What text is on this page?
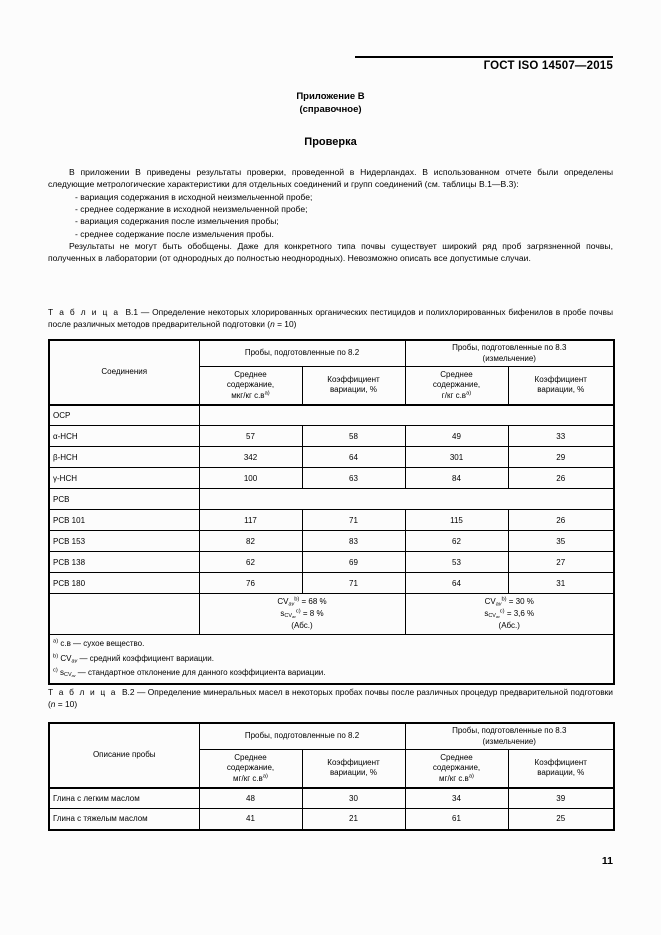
ГОСТ ISO 14507—2015
Приложение В
(справочное)
Проверка

В приложении В приведены результаты проверки, проведенной в Нидерландах. В использованном отчете были определены следующие метрологические характеристики для отдельных соединений и групп соединений (см. таблицы В.1—В.3):

- вариация содержания в исходной неизмельченной пробе;

- среднее содержание в исходной неизмельченной пробе;

- вариация содержания после измельчения пробы;

- среднее содержание после измельчения пробы.

Результаты не могут быть обобщены. Даже для конкретного типа почвы существует широкий ряд проб загрязненной почвы, полученных в лаборатории (от однородных до полностью неоднородных). Невозможно описать все допустимые случаи.

Т а б л и ц а В.1 — Определение некоторых хлорированных органических пестицидов и полихлорированных бифенилов в пробе почвы после различных методов предварительной подготовки (n = 10)
Соединения	Пробы, подготовленные по 8.2		Пробы, подготовленные по 8.3
(измельчение)	
	Среднее
содержание,
мкг/кг $с.в^{а)}$	Коэффициент
вариации, %	Среднее
содержание,
г/кг $с.в^{а)}$	Коэффициент
вариации, %
OCP				
α-HCH	57	58	49	33
β-HCH	342	64	301	29
γ-HCH	100	63	84	26
PCB				
PCB 101	117	71	115	26
PCB 153	82	83	62	35
PCB 138	62	69	53	27
PCB 180	76	71	64	31

$CV_{av}^{b)} = 68$ %
$s_{CV_{av}}^{c)} = 8$ %
(Абс.)

$CV_{av}^{b)} = 30$ %
$s_{CV_{av}}^{c)} = 3,6$ %
(Абс.)

$^{а)}$ с.в — сухое вещество.
$^{b)}$ $CV_{av}$ — средний коэффициент вариации.
$^{c)}$ $s_{CV_{av}}$ — стандартное отклонение для данного коэффициента вариации.				
Т а б л и ц а В.2 — Определение минеральных масел в некоторых пробах почвы после различных процедур предварительной подготовки (n = 10)
Описание пробы	Пробы, подготовленные по 8.2		Пробы, подготовленные по 8.3
(измельчение)	
	Среднее
содержание,
мг/кг $с.в^{а)}$	Коэффициент
вариации, %	Среднее
содержание,
мг/кг $с.в^{а)}$	Коэффициент
вариации, %
Глина с легким маслом	48	30	34	39
Глина с тяжелым маслом	41	21	61	25
11
